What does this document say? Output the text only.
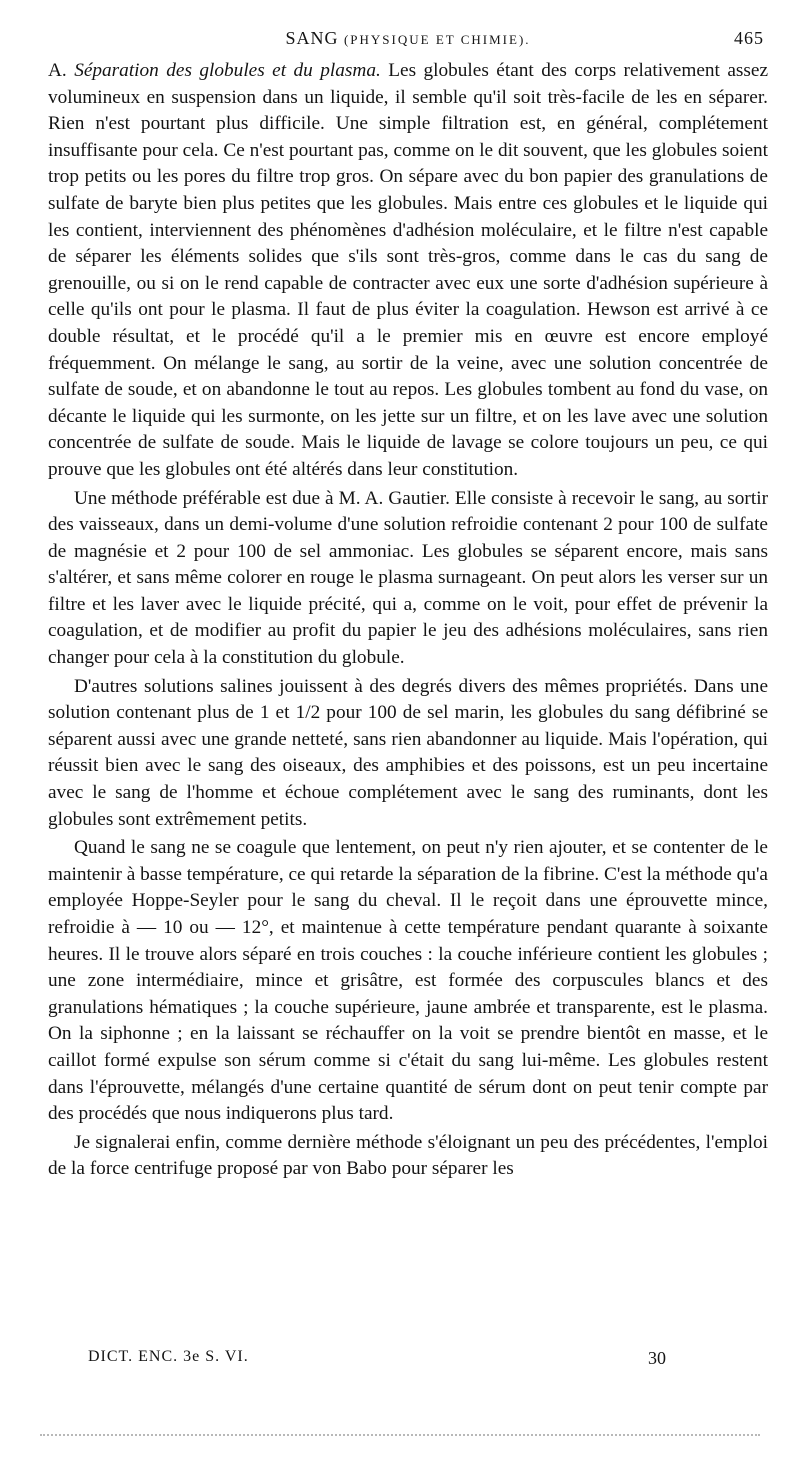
SANG (PHYSIQUE ET CHIMIE).	465

A. Séparation des globules et du plasma. Les globules étant des corps relativement assez volumineux en suspension dans un liquide, il semble qu'il soit très-facile de les en séparer. Rien n'est pourtant plus difficile. Une simple filtration est, en général, complétement insuffisante pour cela. Ce n'est pourtant pas, comme on le dit souvent, que les globules soient trop petits ou les pores du filtre trop gros. On sépare avec du bon papier des granulations de sulfate de baryte bien plus petites que les globules. Mais entre ces globules et le liquide qui les contient, interviennent des phénomènes d'adhésion moléculaire, et le filtre n'est capable de séparer les éléments solides que s'ils sont très-gros, comme dans le cas du sang de grenouille, ou si on le rend capable de contracter avec eux une sorte d'adhésion supérieure à celle qu'ils ont pour le plasma. Il faut de plus éviter la coagulation. Hewson est arrivé à ce double résultat, et le procédé qu'il a le premier mis en œuvre est encore employé fréquemment. On mélange le sang, au sortir de la veine, avec une solution concentrée de sulfate de soude, et on abandonne le tout au repos. Les globules tombent au fond du vase, on décante le liquide qui les surmonte, on les jette sur un filtre, et on les lave avec une solution concentrée de sulfate de soude. Mais le liquide de lavage se colore toujours un peu, ce qui prouve que les globules ont été altérés dans leur constitution.

Une méthode préférable est due à M. A. Gautier. Elle consiste à recevoir le sang, au sortir des vaisseaux, dans un demi-volume d'une solution refroidie contenant 2 pour 100 de sulfate de magnésie et 2 pour 100 de sel ammoniac. Les globules se séparent encore, mais sans s'altérer, et sans même colorer en rouge le plasma surnageant. On peut alors les verser sur un filtre et les laver avec le liquide précité, qui a, comme on le voit, pour effet de prévenir la coagulation, et de modifier au profit du papier le jeu des adhésions moléculaires, sans rien changer pour cela à la constitution du globule.

D'autres solutions salines jouissent à des degrés divers des mêmes propriétés. Dans une solution contenant plus de 1 et 1/2 pour 100 de sel marin, les globules du sang défibriné se séparent aussi avec une grande netteté, sans rien abandonner au liquide. Mais l'opération, qui réussit bien avec le sang des oiseaux, des amphibies et des poissons, est un peu incertaine avec le sang de l'homme et échoue complétement avec le sang des ruminants, dont les globules sont extrêmement petits.

Quand le sang ne se coagule que lentement, on peut n'y rien ajouter, et se contenter de le maintenir à basse température, ce qui retarde la séparation de la fibrine. C'est la méthode qu'a employée Hoppe-Seyler pour le sang du cheval. Il le reçoit dans une éprouvette mince, refroidie à — 10 ou — 12°, et maintenue à cette température pendant quarante à soixante heures. Il le trouve alors séparé en trois couches : la couche inférieure contient les globules ; une zone intermédiaire, mince et grisâtre, est formée des corpuscules blancs et des granulations hématiques ; la couche supérieure, jaune ambrée et transparente, est le plasma. On la siphonne ; en la laissant se réchauffer on la voit se prendre bientôt en masse, et le caillot formé expulse son sérum comme si c'était du sang lui-même. Les globules restent dans l'éprouvette, mélangés d'une certaine quantité de sérum dont on peut tenir compte par des procédés que nous indiquerons plus tard.

Je signalerai enfin, comme dernière méthode s'éloignant un peu des précédentes, l'emploi de la force centrifuge proposé par von Babo pour séparer les

DICT. ENC. 3e S. VI.	30
